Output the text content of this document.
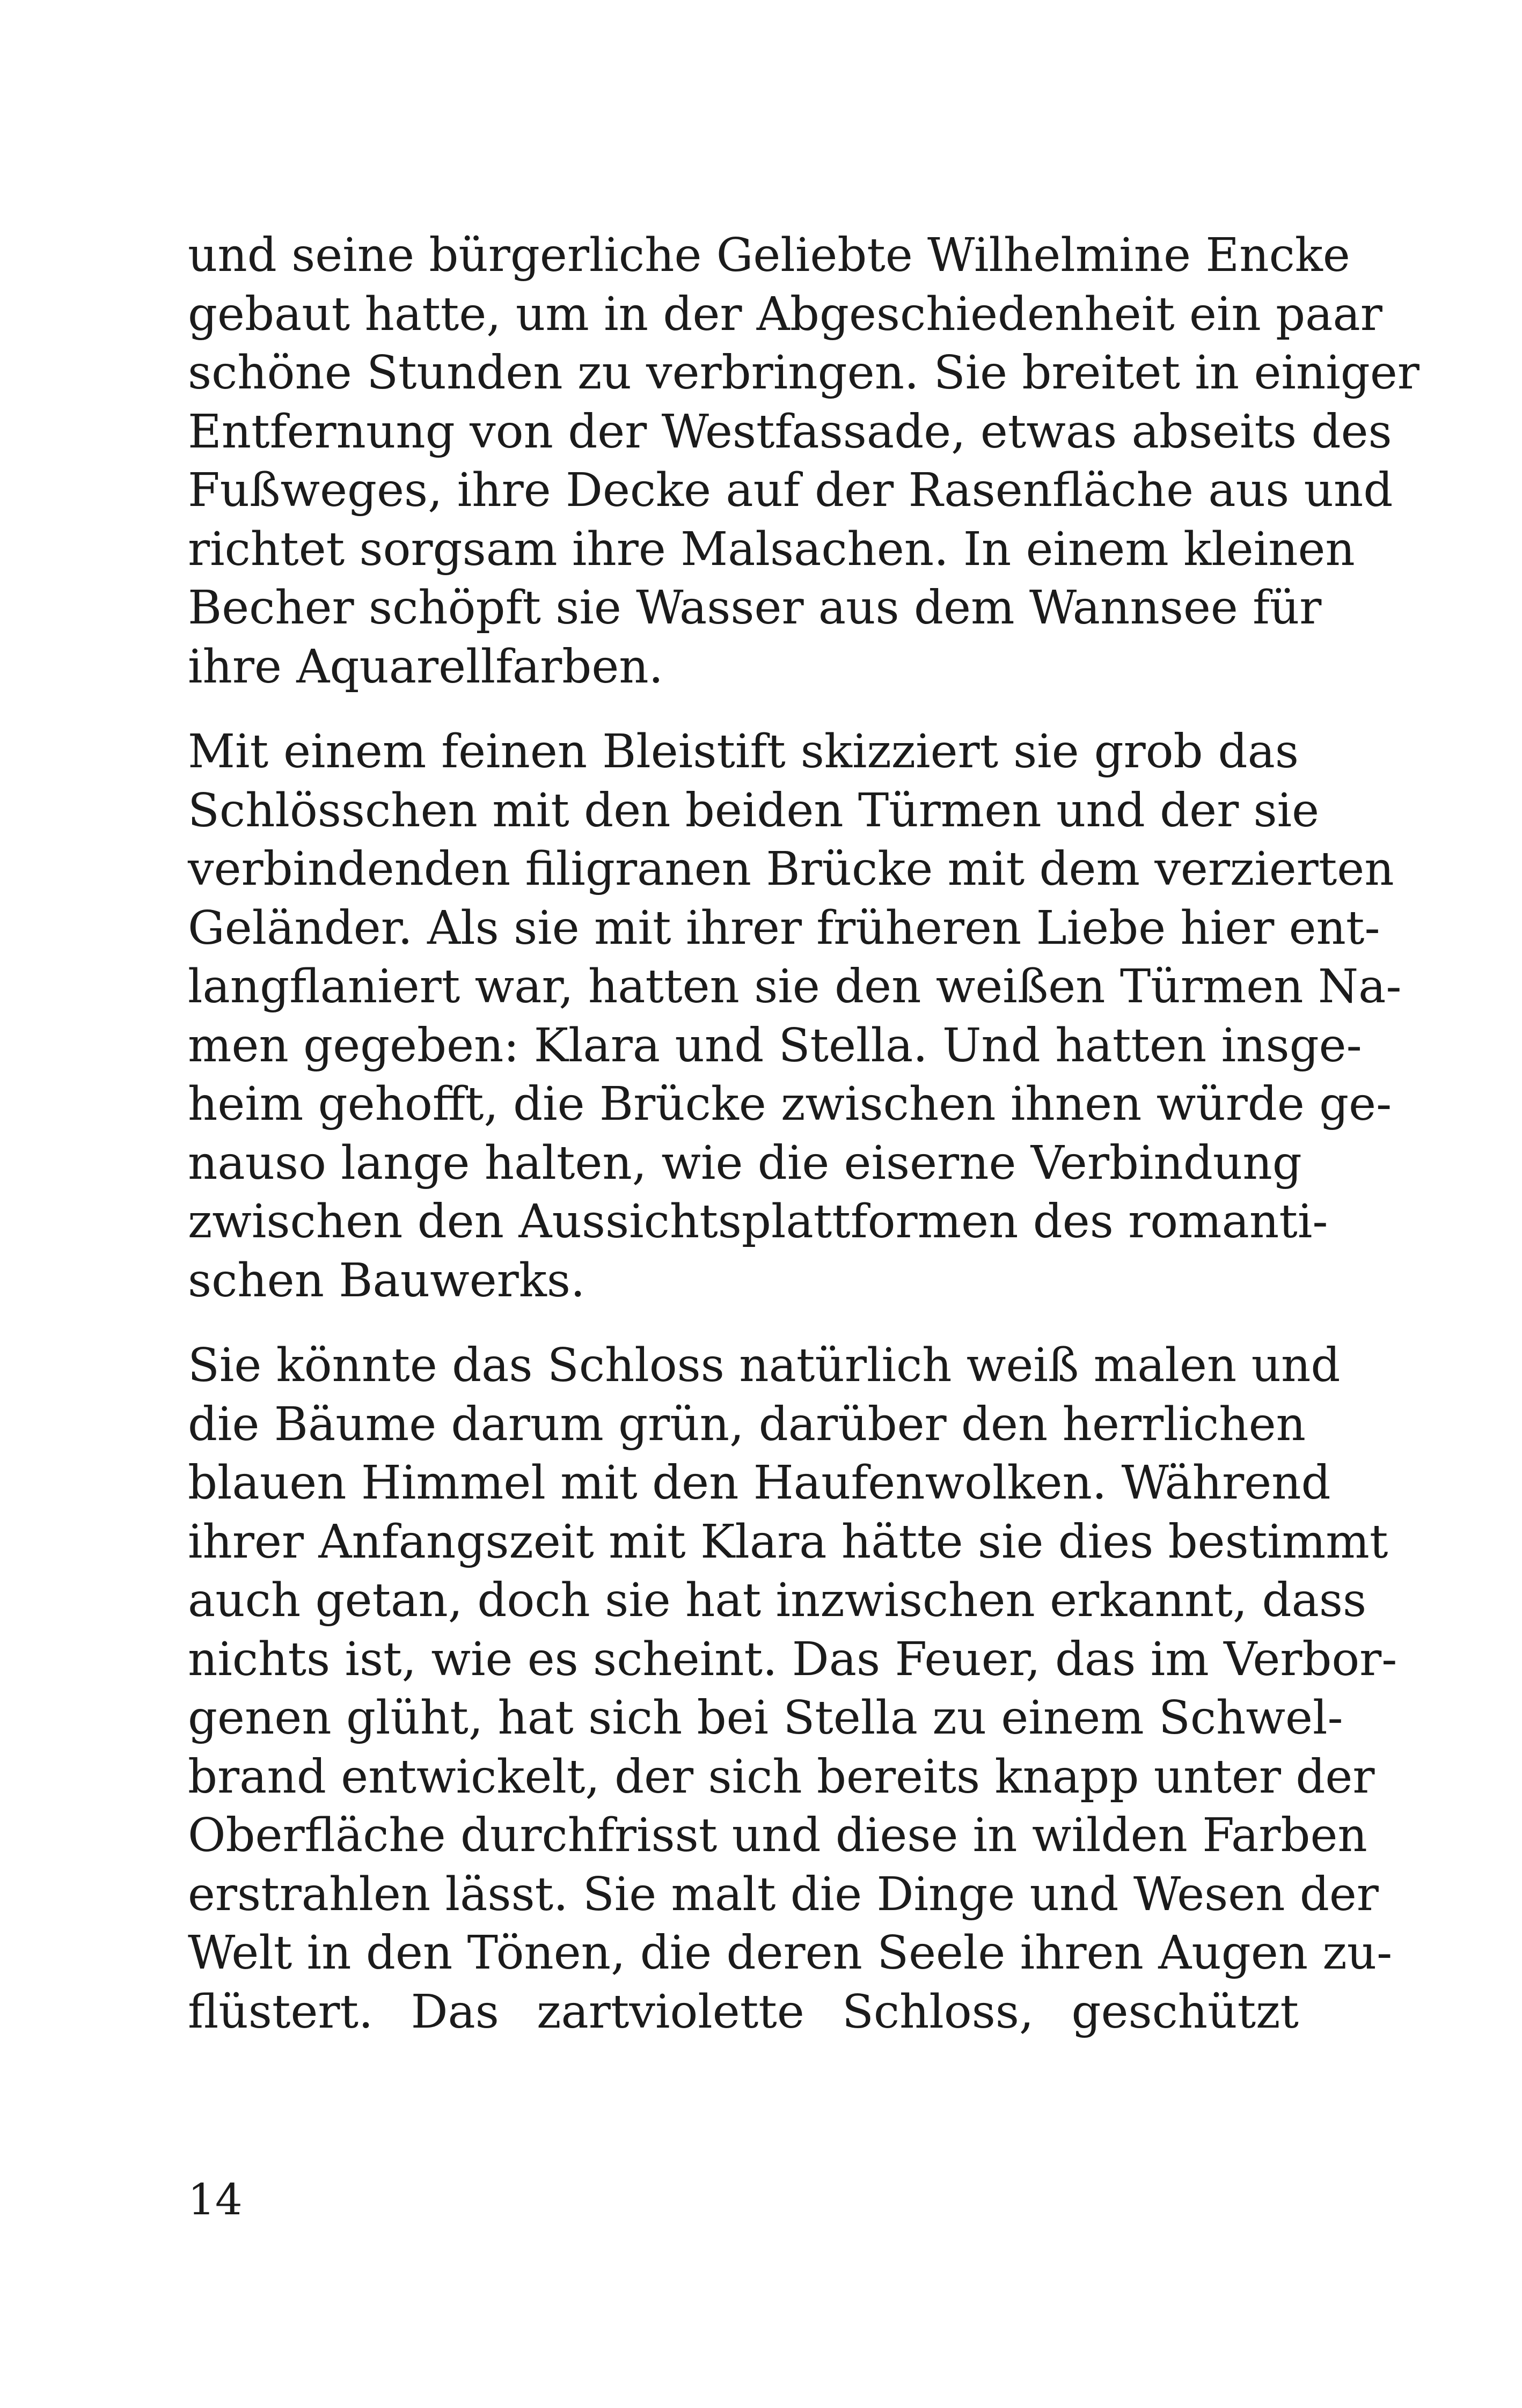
und seine bürgerliche Geliebte Wilhelmine Encke
gebaut hatte, um in der Abgeschiedenheit ein paar
schöne Stunden zu verbringen. Sie breitet in einiger
Entfernung von der Westfassade, etwas abseits des
Fußweges, ihre Decke auf der Rasenfläche aus und
richtet sorgsam ihre Malsachen. In einem kleinen
Becher schöpft sie Wasser aus dem Wannsee für
ihre Aquarellfarben.

Mit einem feinen Bleistift skizziert sie grob das
Schlösschen mit den beiden Türmen und der sie
verbindenden filigranen Brücke mit dem verzierten
Geländer. Als sie mit ihrer früheren Liebe hier ent-
langflaniert war, hatten sie den weißen Türmen Na-
men gegeben: Klara und Stella. Und hatten insge-
heim gehofft, die Brücke zwischen ihnen würde ge-
nauso lange halten, wie die eiserne Verbindung
zwischen den Aussichtsplattformen des romanti-
schen Bauwerks.

Sie könnte das Schloss natürlich weiß malen und
die Bäume darum grün, darüber den herrlichen
blauen Himmel mit den Haufenwolken. Während
ihrer Anfangszeit mit Klara hätte sie dies bestimmt
auch getan, doch sie hat inzwischen erkannt, dass
nichts ist, wie es scheint. Das Feuer, das im Verbor-
genen glüht, hat sich bei Stella zu einem Schwel-
brand entwickelt, der sich bereits knapp unter der
Oberfläche durchfrisst und diese in wilden Farben
erstrahlen lässt. Sie malt die Dinge und Wesen der
Welt in den Tönen, die deren Seele ihren Augen zu-
flüstert. Das zartviolette Schloss, geschützt

14
